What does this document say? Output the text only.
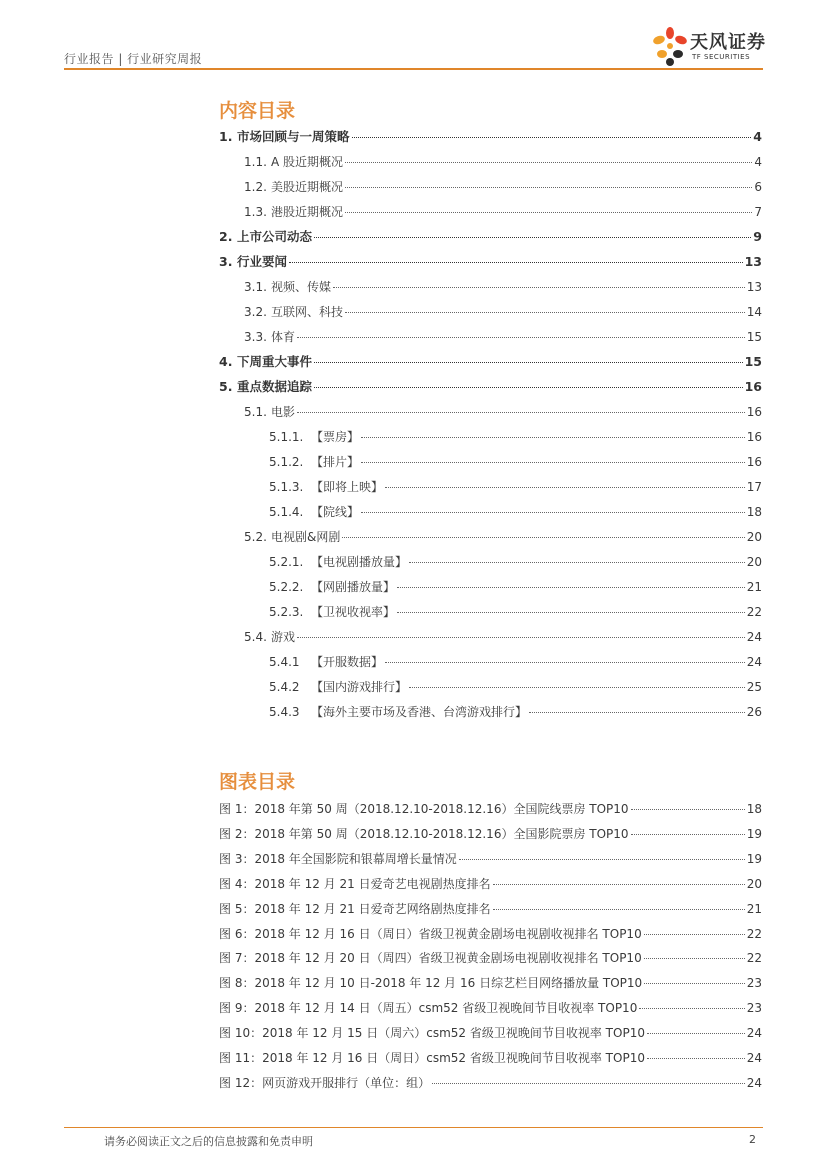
行业报告 | 行业研究周报
天风证券
TF SECURITIES
内容目录
1. 市场回顾与一周策略	4
1.1. A 股近期概况	4
1.2. 美股近期概况	6
1.3. 港股近期概况	7
2. 上市公司动态	9
3. 行业要闻	13
3.1. 视频、传媒	13
3.2. 互联网、科技	14
3.3. 体育	15
4. 下周重大事件	15
5. 重点数据追踪	16
5.1. 电影	16
5.1.1. 【票房】	16
5.1.2. 【排片】	16
5.1.3. 【即将上映】	17
5.1.4. 【院线】	18
5.2. 电视剧&网剧	20
5.2.1. 【电视剧播放量】	20
5.2.2. 【网剧播放量】	21
5.2.3. 【卫视收视率】	22
5.4. 游戏	24
5.4.1 【开服数据】	24
5.4.2 【国内游戏排行】	25
5.4.3 【海外主要市场及香港、台湾游戏排行】	26
图表目录
图 1： 2018 年第 50 周（2018.12.10-2018.12.16）全国院线票房 TOP10	18
图 2： 2018 年第 50 周（2018.12.10-2018.12.16）全国影院票房 TOP10	19
图 3： 2018 年全国影院和银幕周增长量情况	19
图 4： 2018 年 12 月 21 日爱奇艺电视剧热度排名	20
图 5： 2018 年 12 月 21 日爱奇艺网络剧热度排名	21
图 6： 2018 年 12 月 16 日（周日）省级卫视黄金剧场电视剧收视排名 TOP10	22
图 7： 2018 年 12 月 20 日（周四）省级卫视黄金剧场电视剧收视排名 TOP10	22
图 8： 2018 年 12 月 10 日-2018 年 12 月 16 日综艺栏目网络播放量 TOP10	23
图 9： 2018 年 12 月 14 日（周五）csm52 省级卫视晚间节目收视率 TOP10	23
图 10： 2018 年 12 月 15 日（周六）csm52 省级卫视晚间节目收视率 TOP10	24
图 11： 2018 年 12 月 16 日（周日）csm52 省级卫视晚间节目收视率 TOP10	24
图 12： 网页游戏开服排行（单位：组）	24
请务必阅读正文之后的信息披露和免责申明	2
